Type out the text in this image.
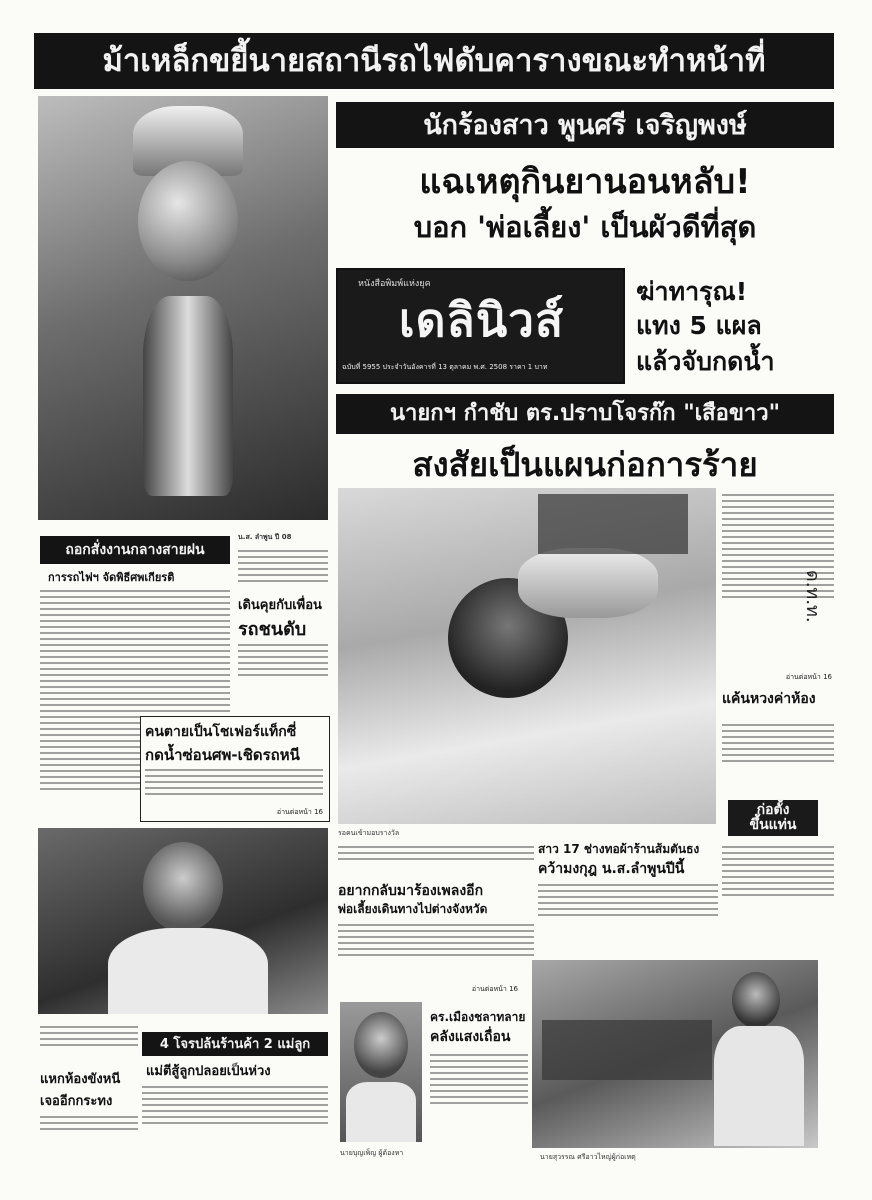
ม้าเหล็กขยี้นายสถานีรถไฟดับคารางขณะทำหน้าที่
นักร้องสาว พูนศรี เจริญพงษ์
แฉเหตุกินยานอนหลับ!
บอก 'พ่อเลี้ยง' เป็นผัวดีที่สุด
หนังสือพิมพ์แห่งยุค
เดลินิวส์
ฉบับที่ 5955 ประจำวันอังคารที่ 13 ตุลาคม พ.ศ. 2508 ราคา 1 บาท
ฆ่าทารุณ!
แทง 5 แผล
แล้วจับกดน้ำ
นายกฯ กำชับ ตร.ปราบโจรก๊ก "เสือขาว"
สงสัยเป็นแผนก่อการร้าย
รอคนเข้ามอบรางวัล
อ่านต่อหน้า 16
แค้นหวงค่าห้อง
ก่อตั้ง
ขึ้นแท่น
ด.ท.ท.
ถอกสั่งงานกลางสายฝน
การรถไฟฯ จัดพิธีศพเกียรติ
น.ส. ลำพูน ปี 08
เดินคุยกับเพื่อน
รถชนดับ
คนตายเป็นโชเฟอร์แท็กซี่
กดน้ำซ่อนศพ-เชิดรถหนี
อ่านต่อหน้า 16
แหกห้องขังหนี
เจออีกกระทง
4 โจรปล้นร้านค้า 2 แม่ลูก
แม่ตีสู้ลูกปลอยเป็นห่วง
สาว 17 ช่างทอผ้าร้านส้มตันธง
คว้ามงกุฎ น.ส.ลำพูนปีนี้
อยากกลับมาร้องเพลงอีก
พ่อเลี้ยงเดินทางไปต่างจังหวัด
อ่านต่อหน้า 16
นายบุญเพ็ญ ผู้ต้องหา
คร.เมืองชลาทลาย
คลังแสงเถื่อน
นายสุวรรณ ศรีอาวไหญ่ผู้ก่อเหตุ
